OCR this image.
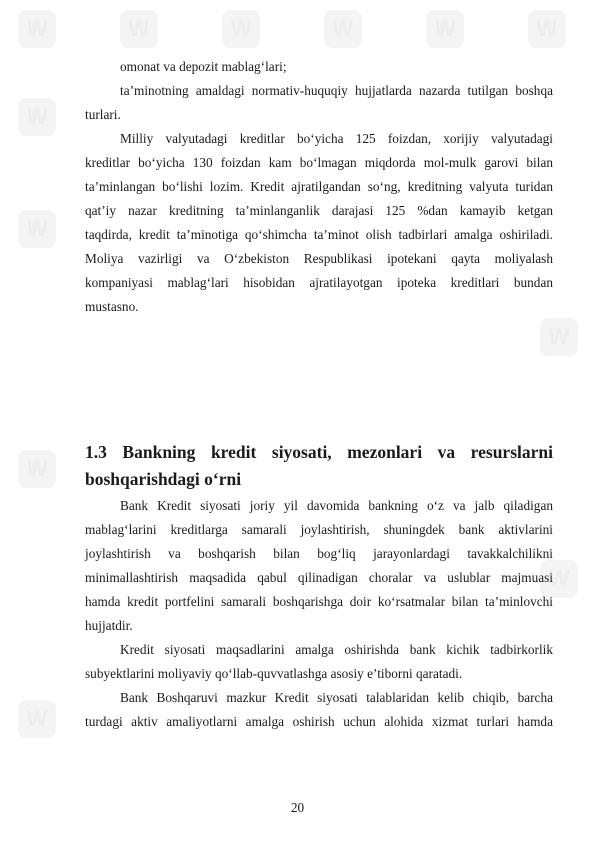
W
W
W
W
W
W
W
W
W
W
W
W
omonat va depozit mablag‘lari;
ta’minotning amaldagi normativ-huquqiy hujjatlarda nazarda tutilgan boshqa
turlari.
Milliy valyutadagi kreditlar bo‘yicha 125 foizdan, xorijiy valyutadagi
kreditlar bo‘yicha 130 foizdan kam bo‘lmagan miqdorda mol-mulk garovi bilan
ta’minlangan bo‘lishi lozim. Kredit ajratilgandan so‘ng, kreditning valyuta turidan
qat’iy nazar kreditning ta’minlanganlik darajasi 125 %dan kamayib ketgan
taqdirda, kredit ta’minotiga qo‘shimcha ta’minot olish tadbirlari amalga oshiriladi.
Moliya vazirligi va O‘zbekiston Respublikasi ipotekani qayta moliyalash
kompaniyasi mablag‘lari hisobidan ajratilayotgan ipoteka kreditlari bundan
mustasno.
1.3 Bankning kredit siyosati, mezonlari va resurslarni
boshqarishdagi o‘rni
Bank Kredit siyosati joriy yil davomida bankning o‘z va jalb qiladigan
mablag‘larini kreditlarga samarali joylashtirish, shuningdek bank aktivlarini
joylashtirish va boshqarish bilan bog‘liq jarayonlardagi tavakkalchilikni
minimallashtirish maqsadida qabul qilinadigan choralar va uslublar majmuasi
hamda kredit portfelini samarali boshqarishga doir ko‘rsatmalar bilan ta’minlovchi
hujjatdir.
Kredit siyosati maqsadlarini amalga oshirishda bank kichik tadbirkorlik
subyektlarini moliyaviy qo‘llab-quvvatlashga asosiy e’tiborni qaratadi.
Bank Boshqaruvi mazkur Kredit siyosati talablaridan kelib chiqib, barcha
turdagi aktiv amaliyotlarni amalga oshirish uchun alohida xizmat turlari hamda
20
